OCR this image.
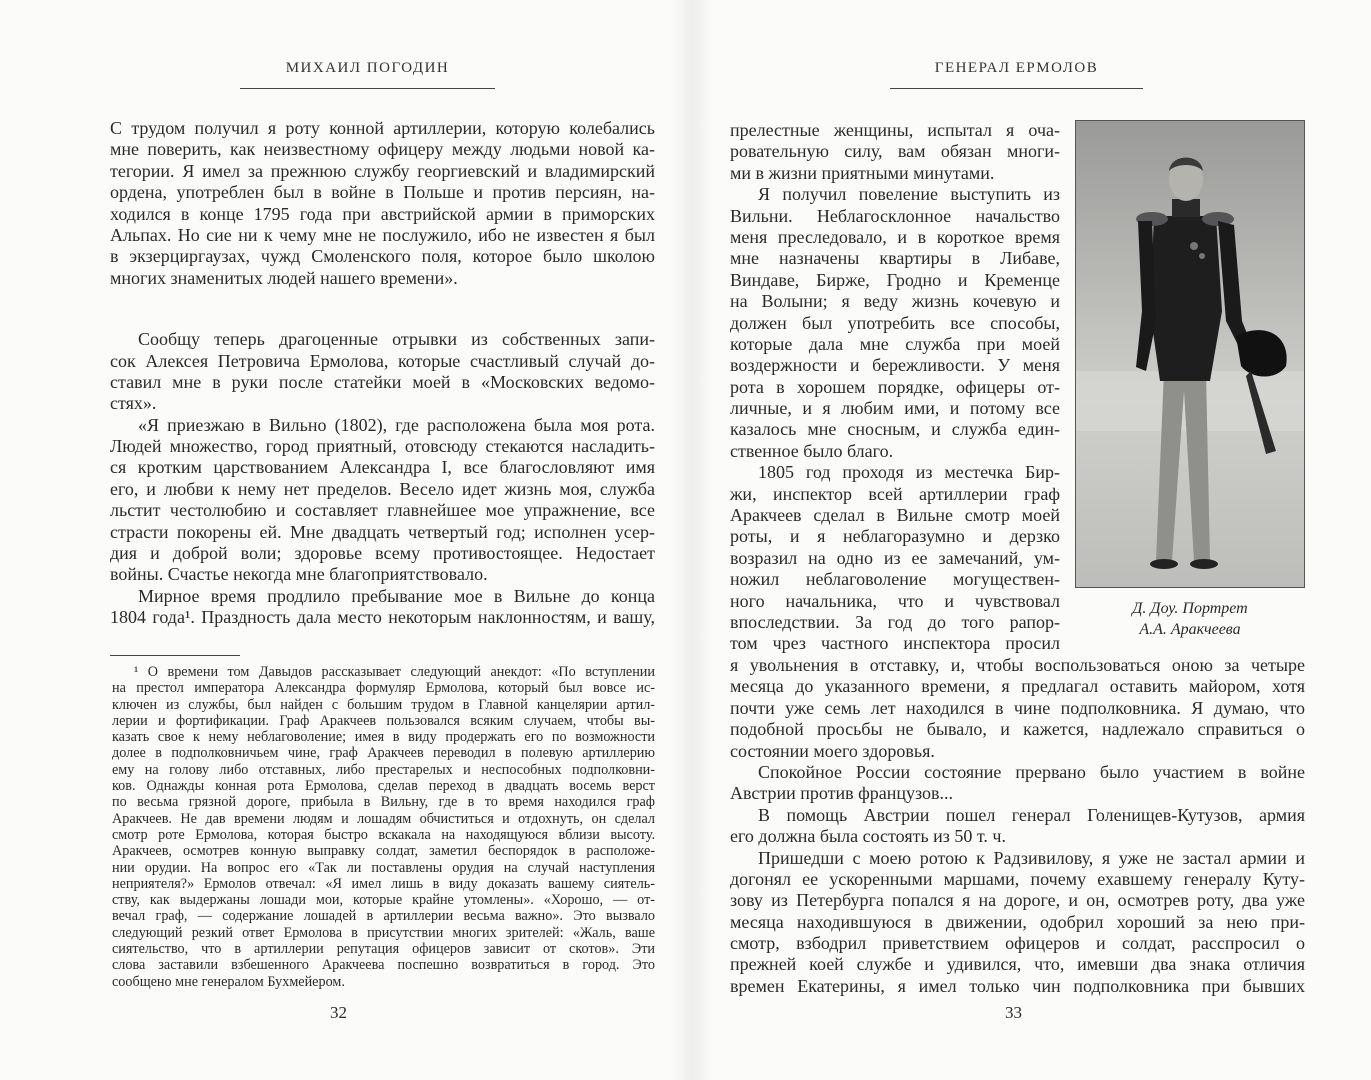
МИХАИЛ ПОГОДИН
С трудом получил я роту конной артиллерии, которую колебались
мне поверить, как неизвестному офицеру между людьми новой ка-
тегории. Я имел за прежнюю службу георгиевский и владимирский
ордена, употреблен был в войне в Польше и против персиян, на-
ходился в конце 1795 года при австрийской армии в приморских
Альпах. Но сие ни к чему мне не послужило, ибо не известен я был
в экзерциргаузах, чужд Смоленского поля, которое было школою
многих знаменитых людей нашего времени».
Сообщу теперь драгоценные отрывки из собственных запи-
сок Алексея Петровича Ермолова, которые счастливый случай до-
ставил мне в руки после статейки моей в «Московских ведомо-
стях».
«Я приезжаю в Вильно (1802), где расположена была моя рота.
Людей множество, город приятный, отовсюду стекаются насладить-
ся кротким царствованием Александра I, все благословляют имя
его, и любви к нему нет пределов. Весело идет жизнь моя, служба
льстит честолюбию и составляет главнейшее мое упражнение, все
страсти покорены ей. Мне двадцать четвертый год; исполнен усер-
дия и доброй воли; здоровье всему противостоящее. Недостает
войны. Счастье некогда мне благоприятствовало.
Мирное время продлило пребывание мое в Вильне до конца
1804 года¹. Праздность дала место некоторым наклонностям, и вашу,
¹ О времени том Давыдов рассказывает следующий анекдот: «По вступлении
на престол императора Александра формуляр Ермолова, который был вовсе ис-
ключен из службы, был найден с большим трудом в Главной канцелярии артил-
лерии и фортификации. Граф Аракчеев пользовался всяким случаем, чтобы вы-
казать свое к нему неблаговоление; имея в виду продержать его по возможности
долее в подполковничьем чине, граф Аракчеев переводил в полевую артиллерию
ему на голову либо отставных, либо престарелых и неспособных подполковни-
ков. Однажды конная рота Ермолова, сделав переход в двадцать восемь верст
по весьма грязной дороге, прибыла в Вильну, где в то время находился граф
Аракчеев. Не дав времени людям и лошадям обчиститься и отдохнуть, он сделал
смотр роте Ермолова, которая быстро вскакала на находящуюся вблизи высоту.
Аракчеев, осмотрев конную выправку солдат, заметил беспорядок в расположе-
нии орудии. На вопрос его «Так ли поставлены орудия на случай наступления
неприятеля?» Ермолов отвечал: «Я имел лишь в виду доказать вашему сиятель-
ству, как выдержаны лошади мои, которые крайне утомлены». «Хорошо, — от-
вечал граф, — содержание лошадей в артиллерии весьма важно». Это вызвало
следующий резкий ответ Ермолова в присутствии многих зрителей: «Жаль, ваше
сиятельство, что в артиллерии репутация офицеров зависит от скотов». Эти
слова заставили взбешенного Аракчеева поспешно возвратиться в город. Это
сообщено мне генералом Бухмейером.
32
ГЕНЕРАЛ ЕРМОЛОВ
прелестные женщины, испытал я оча-
ровательную силу, вам обязан многи-
ми в жизни приятными минутами.
Я получил повеление выступить из
Вильни. Неблагосклонное начальство
меня преследовало, и в короткое время
мне назначены квартиры в Либаве,
Виндаве, Бирже, Гродно и Кременце
на Волыни; я веду жизнь кочевую и
должен был употребить все способы,
которые дала мне служба при моей
воздержности и бережливости. У меня
рота в хорошем порядке, офицеры от-
личные, и я любим ими, и потому все
казалось мне сносным, и служба един-
ственное было благо.
1805 год проходя из местечка Бир-
жи, инспектор всей артиллерии граф
Аракчеев сделал в Вильне смотр моей
роты, и я неблагоразумно и дерзко
возразил на одно из ее замечаний, ум-
ножил неблаговоление могуществен-
ного начальника, что и чувствовал
впоследствии. За год до того рапор-
том чрез частного инспектора просил
я увольнения в отставку, и, чтобы воспользоваться оною за четыре
месяца до указанного времени, я предлагал оставить майором, хотя
почти уже семь лет находился в чине подполковника. Я думаю, что
подобной просьбы не бывало, и кажется, надлежало справиться о
состоянии моего здоровья.
Спокойное России состояние прервано было участием в войне
Австрии против французов...
В помощь Австрии пошел генерал Голенищев-Кутузов, армия
его должна была состоять из 50 т. ч.
Пришедши с моею ротою к Радзивилову, я уже не застал армии и
догонял ее ускоренными маршами, почему ехавшему генералу Куту-
зову из Петербурга попался я на дороге, и он, осмотрев роту, два уже
месяца находившуюся в движении, одобрил хороший за нею при-
смотр, взбодрил приветствием офицеров и солдат, расспросил о
прежней коей службе и удивился, что, имевши два знака отличия
времен Екатерины, я имел только чин подполковника при бывших
Д. Доу. Портрет
А.А. Аракчеева
33
